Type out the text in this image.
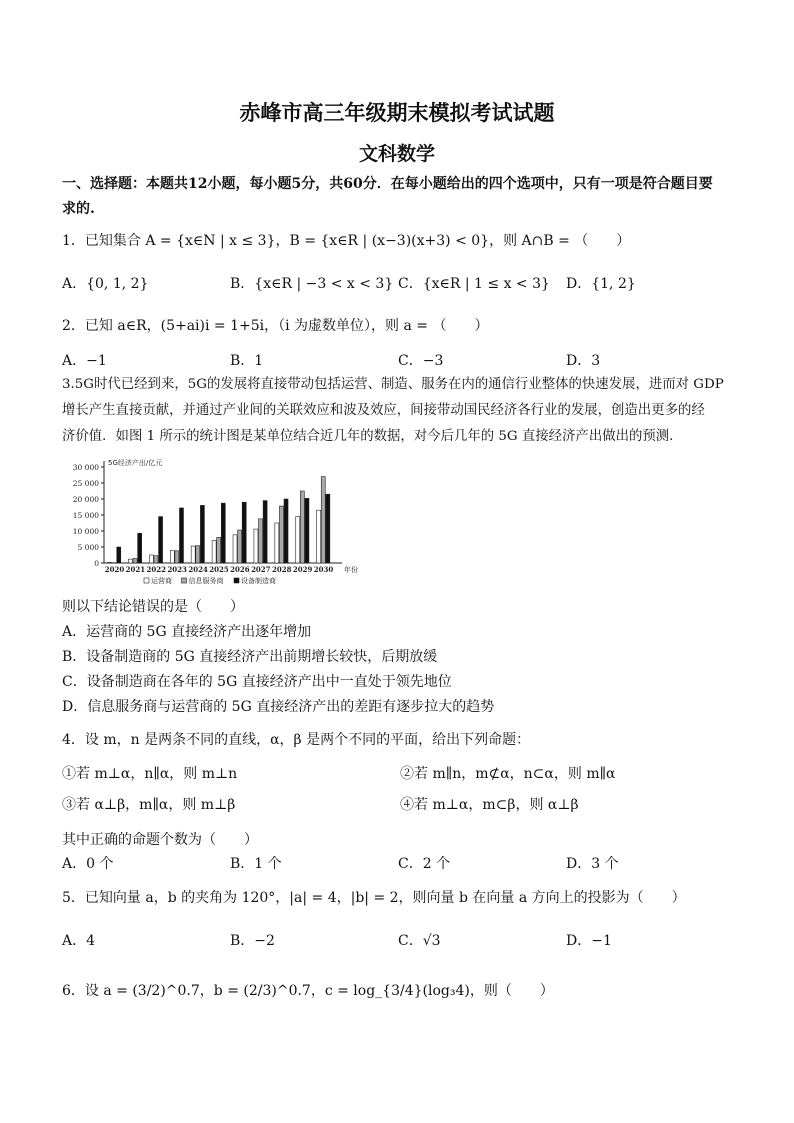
赤峰市高三年级期末模拟考试试题
文科数学
一、选择题：本题共12小题，每小题5分，共60分．在每小题给出的四个选项中，只有一项是符合题目要
求的.
1．已知集合 A = {x∈N | x ≤ 3}，B = {x∈R | (x−3)(x+3) < 0}，则 A∩B = （　　）
A．{0, 1, 2}	B．{x∈R | −3 < x < 3} C．{x∈R | 1 ≤ x < 3} D．{1, 2}
2．已知 a∈R，(5+ai)i = 1+5i，（i 为虚数单位），则 a = （　　）
A．−1	B．1	C．−3	D．3
3.5G时代已经到来，5G的发展将直接带动包括运营、制造、服务在内的通信行业整体的快速发展，进而对 GDP
增长产生直接贡献，并通过产业间的关联效应和波及效应，间接带动国民经济各行业的发展，创造出更多的经
济价值．如图 1 所示的统计图是某单位结合近几年的数据，对今后几年的 5G 直接经济产出做出的预测.
0
5 000
10 000
15 000
20 000
25 000
30 000 5G经济产出/亿元
2020 2021 2022 2023 2024 2025 2026 2027 2028 2029 2030 年份
运营商 信息服务商	设备制造商
则以下结论错误的是（　　）
A．运营商的 5G 直接经济产出逐年增加
B．设备制造商的 5G 直接经济产出前期增长较快，后期放缓
C．设备制造商在各年的 5G 直接经济产出中一直处于领先地位
D．信息服务商与运营商的 5G 直接经济产出的差距有逐步拉大的趋势
4．设 m，n 是两条不同的直线，α，β 是两个不同的平面，给出下列命题：
①若 m⊥α，n∥α，则 m⊥n	②若 m∥n，m⊄α，n⊂α，则 m∥α
③若 α⊥β，m∥α，则 m⊥β	④若 m⊥α，m⊂β，则 α⊥β
其中正确的命题个数为（　　）
A．0 个	B．1 个	C．2 个	D．3 个
5．已知向量 a，b 的夹角为 120°，|a| = 4，|b| = 2，则向量 b 在向量 a 方向上的投影为（　　）
A．4	B．−2	C．√3	D．−1
6．设 a = (3/2)^0.7，b = (2/3)^0.7，c = log_{3/4}(log₃4)，则（　　）
